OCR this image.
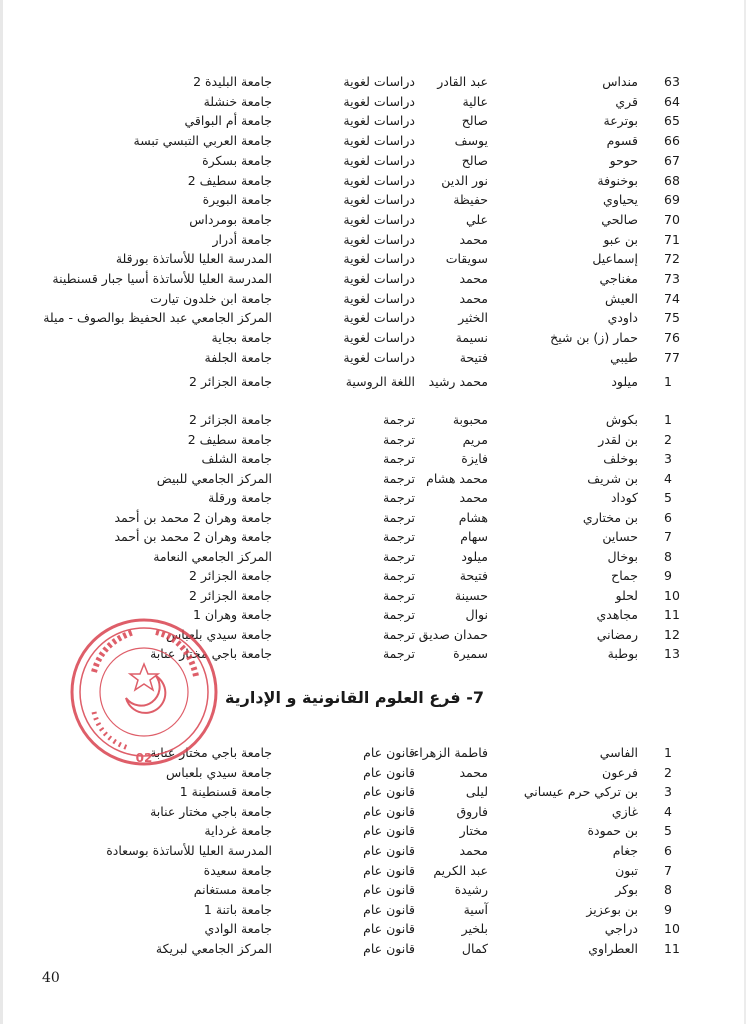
63
منداس
عبد القادر
دراسات لغوية
جامعة البليدة 2
64
قري
عالية
دراسات لغوية
جامعة خنشلة
65
بوترعة
صالح
دراسات لغوية
جامعة أم البواقي
66
قسوم
يوسف
دراسات لغوية
جامعة العربي التبسي تبسة
67
حوحو
صالح
دراسات لغوية
جامعة بسكرة
68
بوخنوفة
نور الدين
دراسات لغوية
جامعة سطيف 2
69
يحياوي
حفيظة
دراسات لغوية
جامعة البويرة
70
صالحي
علي
دراسات لغوية
جامعة بومرداس
71
بن عبو
محمد
دراسات لغوية
جامعة أدرار
72
إسماعيل
سويقات
دراسات لغوية
المدرسة العليا للأساتذة بورقلة
73
مغناجي
محمد
دراسات لغوية
المدرسة العليا للأساتذة أسيا جبار قسنطينة
74
العيش
محمد
دراسات لغوية
جامعة ابن خلدون تيارت
75
داودي
الخثير
دراسات لغوية
المركز الجامعي عبد الحفيظ بوالصوف - ميلة
76
حمار (ز) بن شيخ
نسيمة
دراسات لغوية
جامعة بجاية
77
طيبي
فتيحة
دراسات لغوية
جامعة الجلفة
1
ميلود
محمد رشيد
اللغة الروسية
جامعة الجزائر 2
1
بكوش
محبوبة
ترجمة
جامعة الجزائر 2
2
بن لقدر
مريم
ترجمة
جامعة سطيف 2
3
بوخلف
فايزة
ترجمة
جامعة الشلف
4
بن شريف
محمد هشام
ترجمة
المركز الجامعي للبيض
5
كوداد
محمد
ترجمة
جامعة ورقلة
6
بن مختاري
هشام
ترجمة
جامعة وهران 2 محمد بن أحمد
7
حساين
سهام
ترجمة
جامعة وهران 2 محمد بن أحمد
8
بوخال
ميلود
ترجمة
المركز الجامعي النعامة
9
جماح
فتيحة
ترجمة
جامعة الجزائر 2
10
لحلو
حسينة
ترجمة
جامعة الجزائر 2
11
مجاهدي
نوال
ترجمة
جامعة وهران 1
12
رمضاني
حمدان صديق
ترجمة
جامعة سيدي بلعباس
13
بوطبة
سميرة
ترجمة
جامعة باجي مختار عنابة
7- فرع العلوم القانونية و الإدارية
1
الفاسي
فاطمة الزهراء
قانون عام
جامعة باجي مختار عنابة
2
فرعون
محمد
قانون عام
جامعة سيدي بلعباس
3
بن تركي حرم عيساني
ليلى
قانون عام
جامعة قسنطينة 1
4
غازي
فاروق
قانون عام
جامعة باجي مختار عنابة
5
بن حمودة
مختار
قانون عام
جامعة غرداية
6
جغام
محمد
قانون عام
المدرسة العليا للأساتذة بوسعادة
7
تبون
عبد الكريم
قانون عام
جامعة سعيدة
8
بوكر
رشيدة
قانون عام
جامعة مستغانم
9
بن بوعزيز
آسية
قانون عام
جامعة باتنة 1
10
دراجي
بلخير
قانون عام
جامعة الوادي
11
العطراوي
كمال
قانون عام
المركز الجامعي لبريكة
02
40
